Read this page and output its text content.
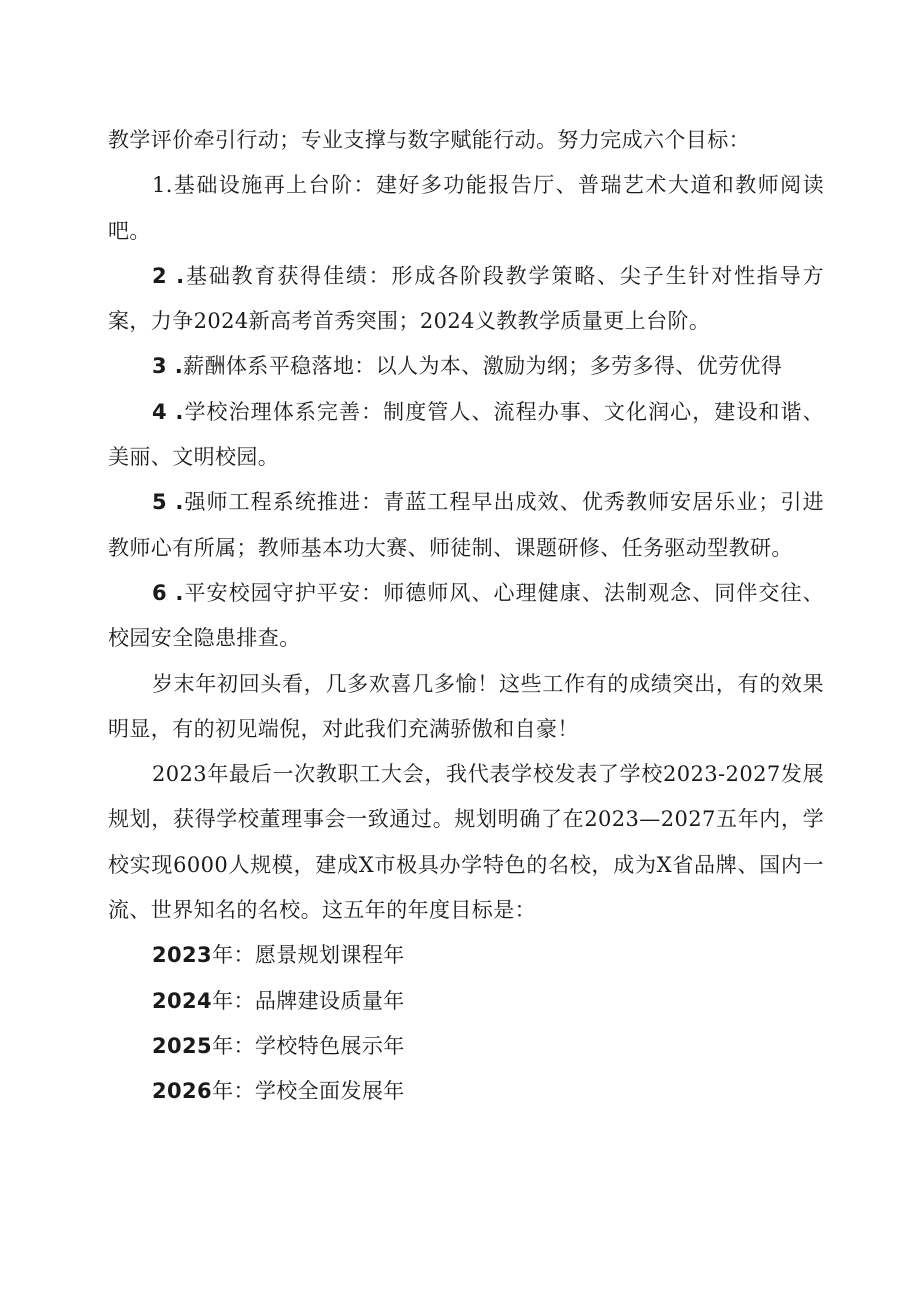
教学评价牵引行动；专业支撑与数字赋能行动。努力完成六个目标：

1.基础设施再上台阶：建好多功能报告厅、普瑞艺术大道和教师阅读吧。

2 .基础教育获得佳绩：形成各阶段教学策略、尖子生针对性指导方案，力争2024新高考首秀突围；2024义教教学质量更上台阶。

3 .薪酬体系平稳落地：以人为本、激励为纲；多劳多得、优劳优得

4 .学校治理体系完善：制度管人、流程办事、文化润心，建设和谐、美丽、文明校园。

5 .强师工程系统推进：青蓝工程早出成效、优秀教师安居乐业；引进教师心有所属；教师基本功大赛、师徒制、课题研修、任务驱动型教研。

6 .平安校园守护平安：师德师风、心理健康、法制观念、同伴交往、校园安全隐患排查。

岁末年初回头看，几多欢喜几多愉！这些工作有的成绩突出，有的效果明显，有的初见端倪，对此我们充满骄傲和自豪！

2023年最后一次教职工大会，我代表学校发表了学校2023-2027发展规划，获得学校董理事会一致通过。规划明确了在2023—2027五年内，学校实现6000人规模，建成X市极具办学特色的名校，成为X省品牌、国内一流、世界知名的名校。这五年的年度目标是：

2023年：愿景规划课程年

2024年：品牌建设质量年

2025年：学校特色展示年

2026年：学校全面发展年
